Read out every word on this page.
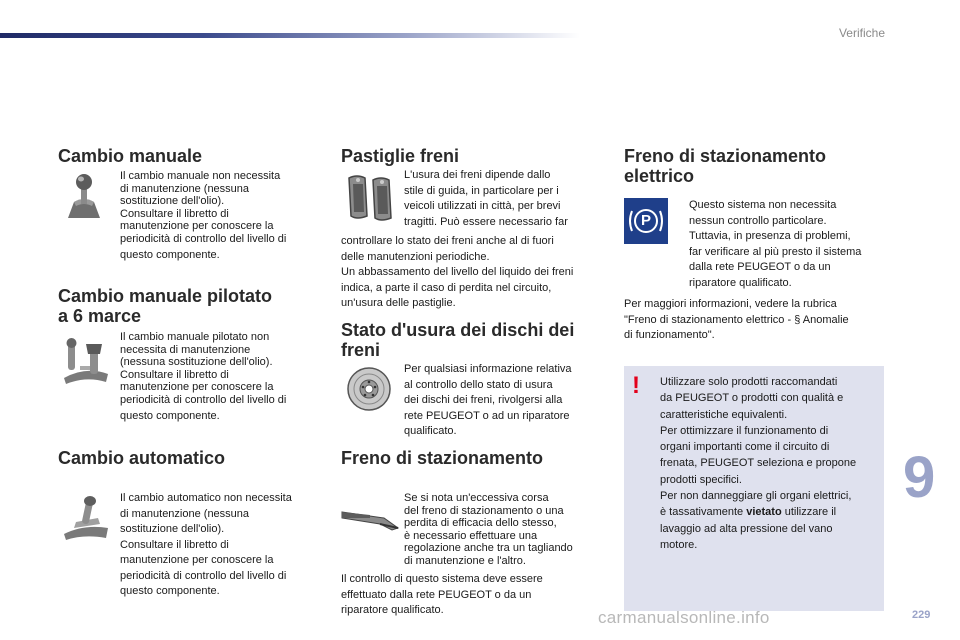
Verifiche
Cambio manuale
Il cambio manuale non necessita
di manutenzione (nessuna
sostituzione dell'olio).
Consultare il libretto di
manutenzione per conoscere la
periodicità di controllo del livello di
questo componente.
Cambio manuale pilotato
a 6 marce
Il cambio manuale pilotato non
necessita di manutenzione
(nessuna sostituzione dell'olio).
Consultare il libretto di
manutenzione per conoscere la
periodicità di controllo del livello di
questo componente.
Cambio automatico
Il cambio automatico non necessita
di manutenzione (nessuna
sostituzione dell'olio).
Consultare il libretto di
manutenzione per conoscere la
periodicità di controllo del livello di
questo componente.
Pastiglie freni
L'usura dei freni dipende dallo
stile di guida, in particolare per i
veicoli utilizzati in città, per brevi
tragitti. Può essere necessario far
controllare lo stato dei freni anche al di fuori
delle manutenzioni periodiche.
Un abbassamento del livello del liquido dei freni
indica, a parte il caso di perdita nel circuito,
un'usura delle pastiglie.
Stato d'usura dei dischi dei
freni
Per qualsiasi informazione relativa
al controllo dello stato di usura
dei dischi dei freni, rivolgersi alla
rete PEUGEOT o ad un riparatore
qualificato.
Freno di stazionamento
Se si nota un'eccessiva corsa
del freno di stazionamento o una
perdita di efficacia dello stesso,
è necessario effettuare una
regolazione anche tra un tagliando
di manutenzione e l'altro.
Il controllo di questo sistema deve essere
effettuato dalla rete PEUGEOT o da un
riparatore qualificato.
Freno di stazionamento
elettrico
P
Questo sistema non necessita
nessun controllo particolare.
Tuttavia, in presenza di problemi,
far verificare al più presto il sistema
dalla rete PEUGEOT o da un
riparatore qualificato.
Per maggiori informazioni, vedere la rubrica
"Freno di stazionamento elettrico - § Anomalie
di funzionamento".
! Utilizzare solo prodotti raccomandati
da PEUGEOT o prodotti con qualità e
caratteristiche equivalenti.
Per ottimizzare il funzionamento di
organi importanti come il circuito di
frenata, PEUGEOT seleziona e propone
prodotti specifici.
Per non danneggiare gli organi elettrici,
è tassativamente vietato utilizzare il
lavaggio ad alta pressione del vano
motore.
9
carmanualsonline.info	229
